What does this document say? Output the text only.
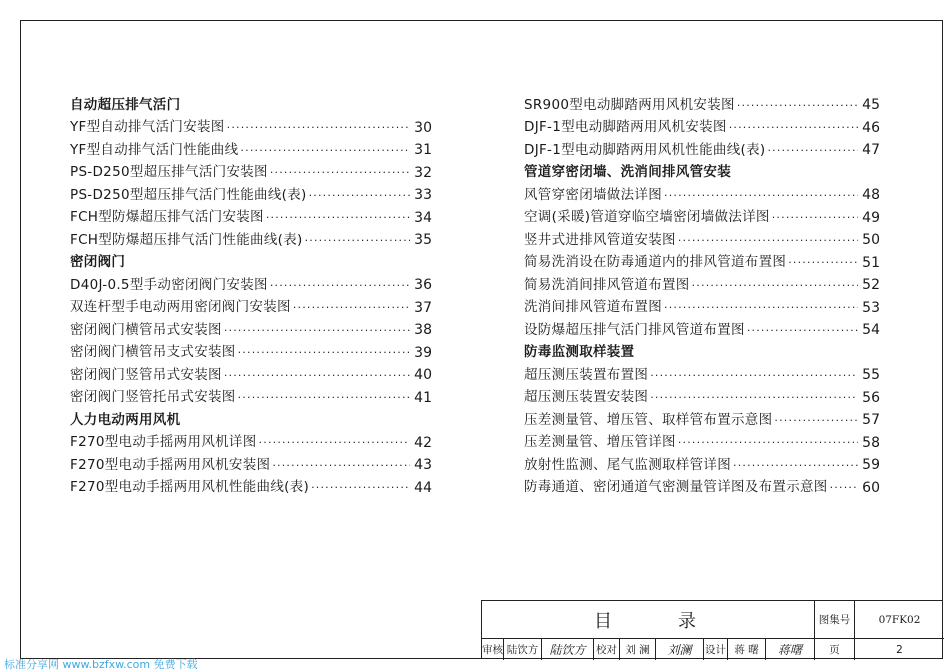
自动超压排气活门
YF型自动排气活门安装图 ·····	30
YF型自动排气活门性能曲线 ·····	31
PS-D250型超压排气活门安装图 ·····	32
PS-D250型超压排气活门性能曲线(表) ·····	33
FCH型防爆超压排气活门安装图 ·····	34
FCH型防爆超压排气活门性能曲线(表) ·····	35
密闭阀门
D40J-0.5型手动密闭阀门安装图 ·····	36
双连杆型手电动两用密闭阀门安装图 ·····	37
密闭阀门横管吊式安装图 ·····	38
密闭阀门横管吊支式安装图 ·····	39
密闭阀门竖管吊式安装图 ·····	40
密闭阀门竖管托吊式安装图 ·····	41
人力电动两用风机
F270型电动手摇两用风机详图 ·····	42
F270型电动手摇两用风机安装图 ·····	43
F270型电动手摇两用风机性能曲线(表) ·····	44
SR900型电动脚踏两用风机安装图 ·····	45
DJF-1型电动脚踏两用风机安装图 ·····	46
DJF-1型电动脚踏两用风机性能曲线(表) ·····	47
管道穿密闭墙、洗消间排风管安装
风管穿密闭墙做法详图 ·····	48
空调(采暖)管道穿临空墙密闭墙做法详图 ·····	49
竖井式进排风管道安装图 ·····	50
简易洗消设在防毒通道内的排风管道布置图 ·····	51
简易洗消间排风管道布置图 ·····	52
洗消间排风管道布置图 ·····	53
设防爆超压排气活门排风管道布置图 ·····	54
防毒监测取样装置
超压测压装置布置图 ·····	55
超压测压装置安装图 ·····	56
压差测量管、增压管、取样管布置示意图 ·····	57
压差测量管、增压管详图 ·····	58
放射性监测、尾气监测取样管详图 ·····	59
防毒通道、密闭通道气密测量管详图及布置示意图 ····· 60
目	录	图集号	07FK02
审核 陆饮方 陆饮方	校对 刘 澜	刘澜	设计 蒋 曙	蒋曙	页	2
标准分享网 www.bzfxw.com 免费下载
